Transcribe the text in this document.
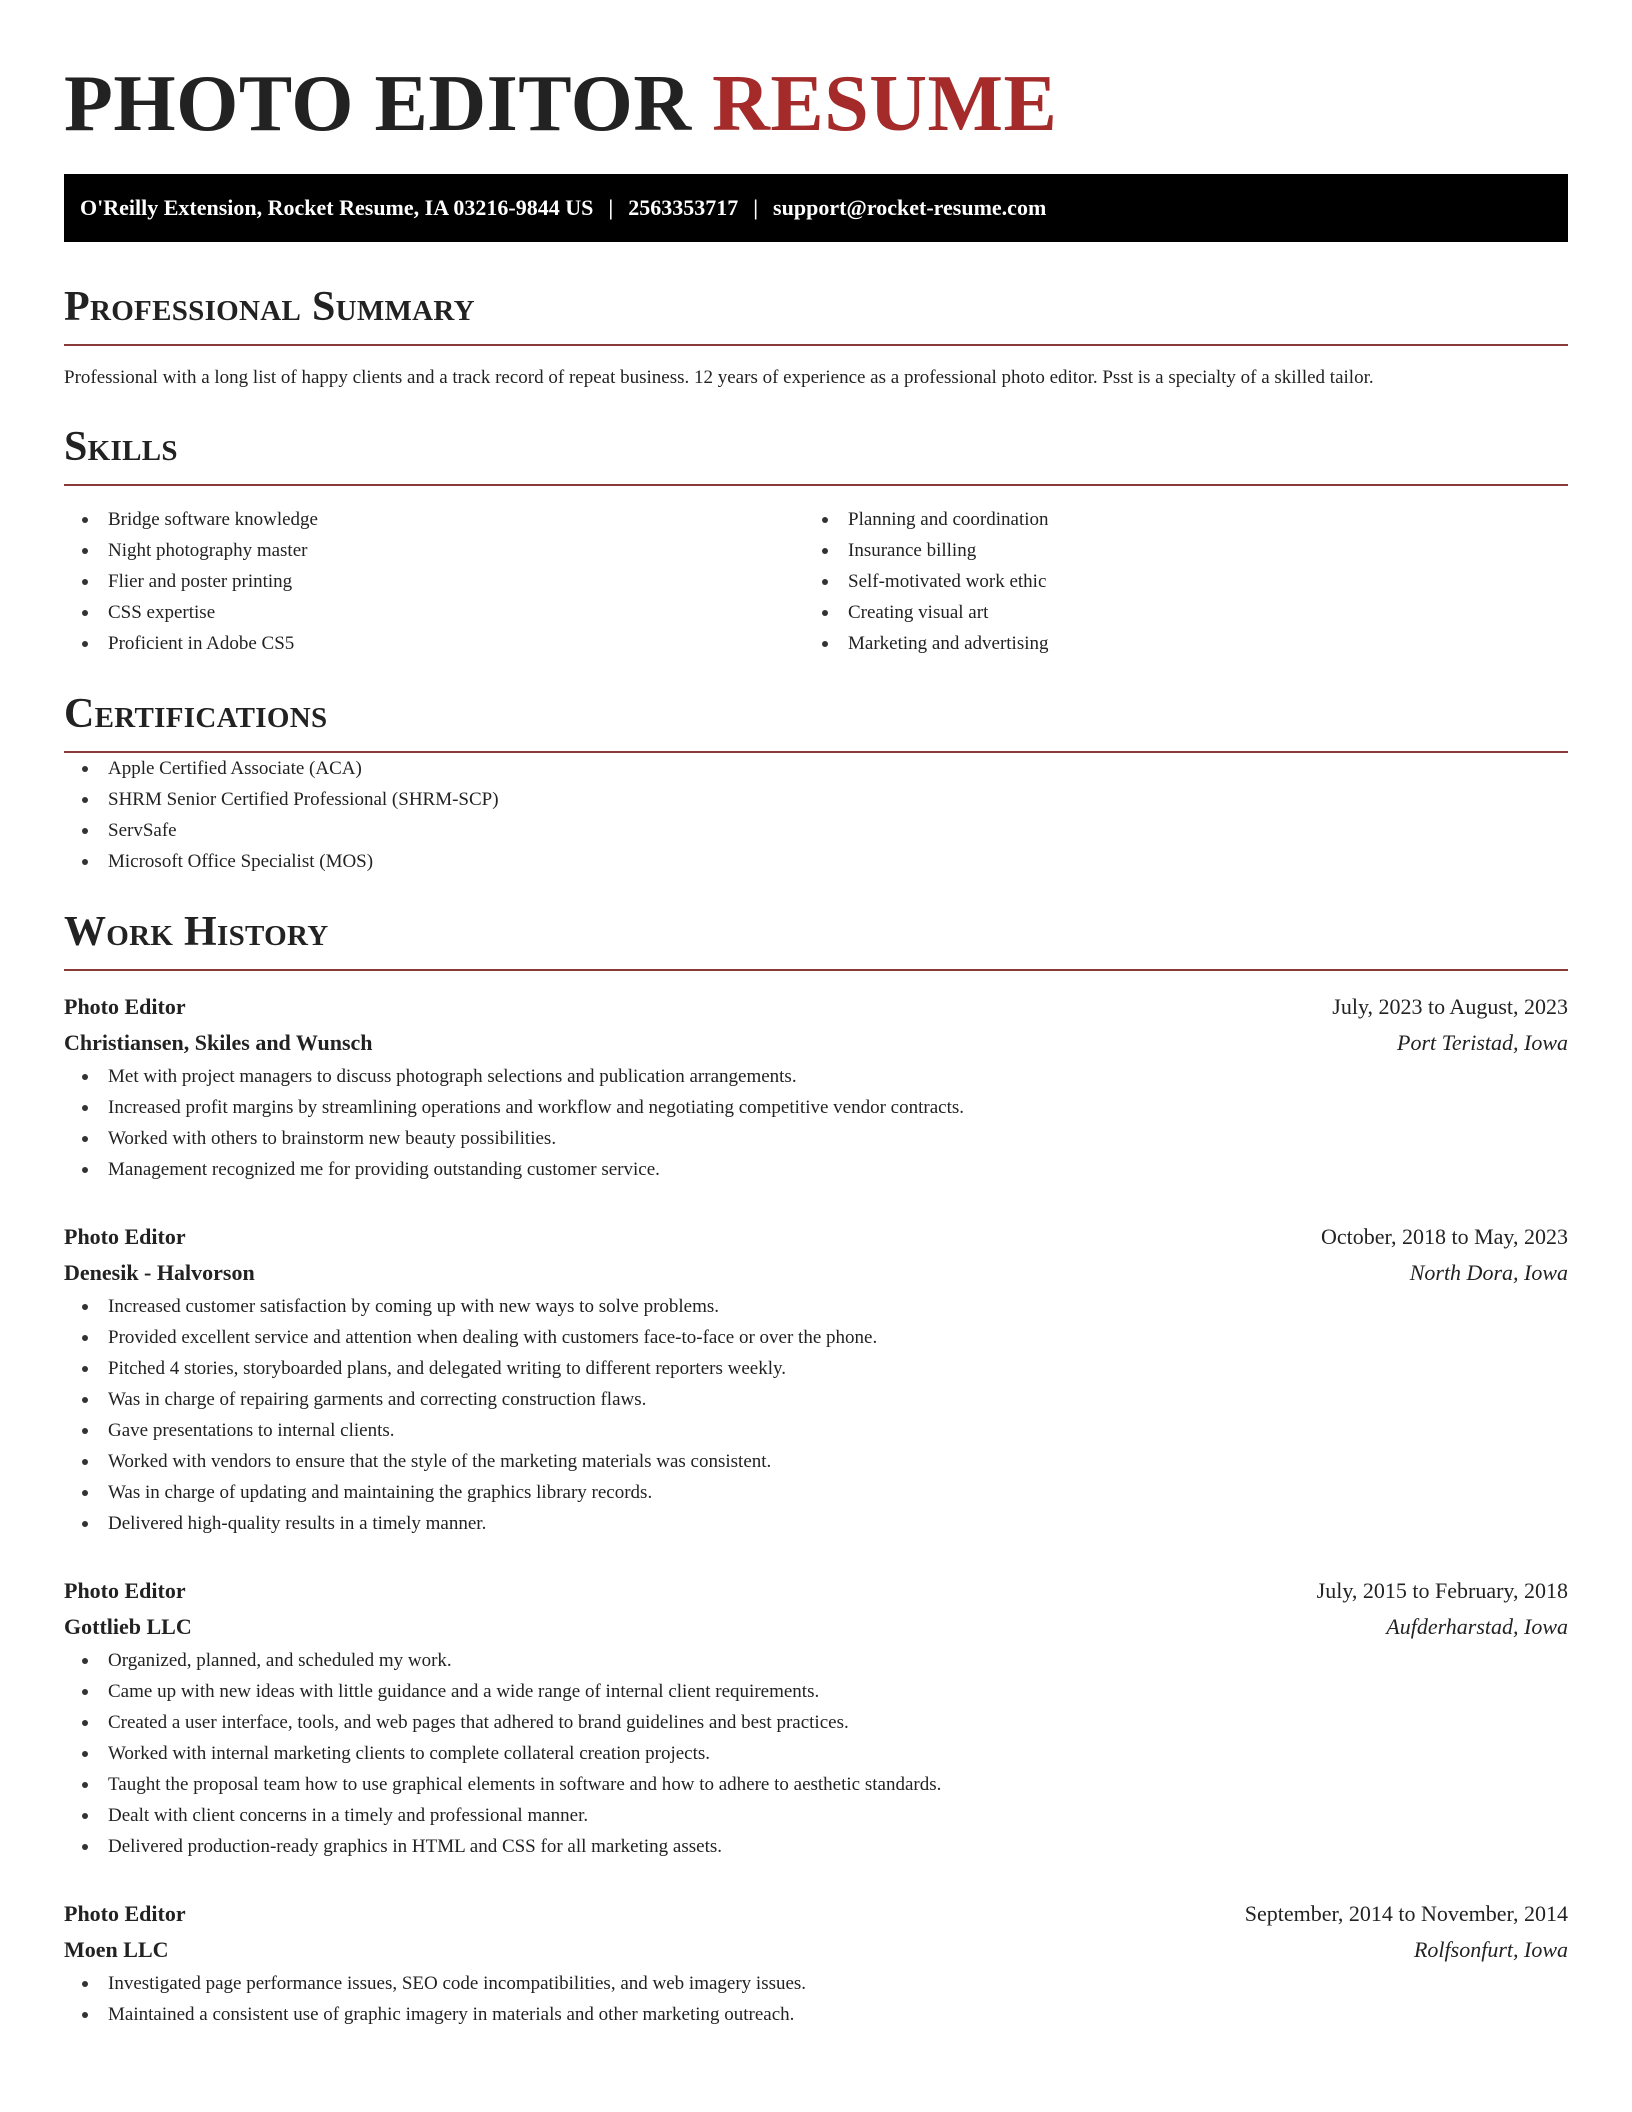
PHOTO EDITOR RESUME
O'Reilly Extension, Rocket Resume, IA 03216-9844 US | 2563353717 | support@rocket-resume.com
Professional Summary

Professional with a long list of happy clients and a track record of repeat business. 12 years of experience as a professional photo editor. Psst is a specialty of a skilled tailor.

Skills
Bridge software knowledge
Night photography master
Flier and poster printing
CSS expertise
Proficient in Adobe CS5
Planning and coordination
Insurance billing
Self-motivated work ethic
Creating visual art
Marketing and advertising
Certifications
Apple Certified Associate (ACA)
SHRM Senior Certified Professional (SHRM-SCP)
ServSafe
Microsoft Office Specialist (MOS)
Work History
Photo Editor	July, 2023 to August, 2023
Christiansen, Skiles and Wunsch	Port Teristad, Iowa
Met with project managers to discuss photograph selections and publication arrangements.
Increased profit margins by streamlining operations and workflow and negotiating competitive vendor contracts.
Worked with others to brainstorm new beauty possibilities.
Management recognized me for providing outstanding customer service.
Photo Editor	October, 2018 to May, 2023
Denesik - Halvorson	North Dora, Iowa
Increased customer satisfaction by coming up with new ways to solve problems.
Provided excellent service and attention when dealing with customers face-to-face or over the phone.
Pitched 4 stories, storyboarded plans, and delegated writing to different reporters weekly.
Was in charge of repairing garments and correcting construction flaws.
Gave presentations to internal clients.
Worked with vendors to ensure that the style of the marketing materials was consistent.
Was in charge of updating and maintaining the graphics library records.
Delivered high-quality results in a timely manner.
Photo Editor	July, 2015 to February, 2018
Gottlieb LLC	Aufderharstad, Iowa
Organized, planned, and scheduled my work.
Came up with new ideas with little guidance and a wide range of internal client requirements.
Created a user interface, tools, and web pages that adhered to brand guidelines and best practices.
Worked with internal marketing clients to complete collateral creation projects.
Taught the proposal team how to use graphical elements in software and how to adhere to aesthetic standards.
Dealt with client concerns in a timely and professional manner.
Delivered production-ready graphics in HTML and CSS for all marketing assets.
Photo Editor	September, 2014 to November, 2014
Moen LLC	Rolfsonfurt, Iowa
Investigated page performance issues, SEO code incompatibilities, and web imagery issues.
Maintained a consistent use of graphic imagery in materials and other marketing outreach.
